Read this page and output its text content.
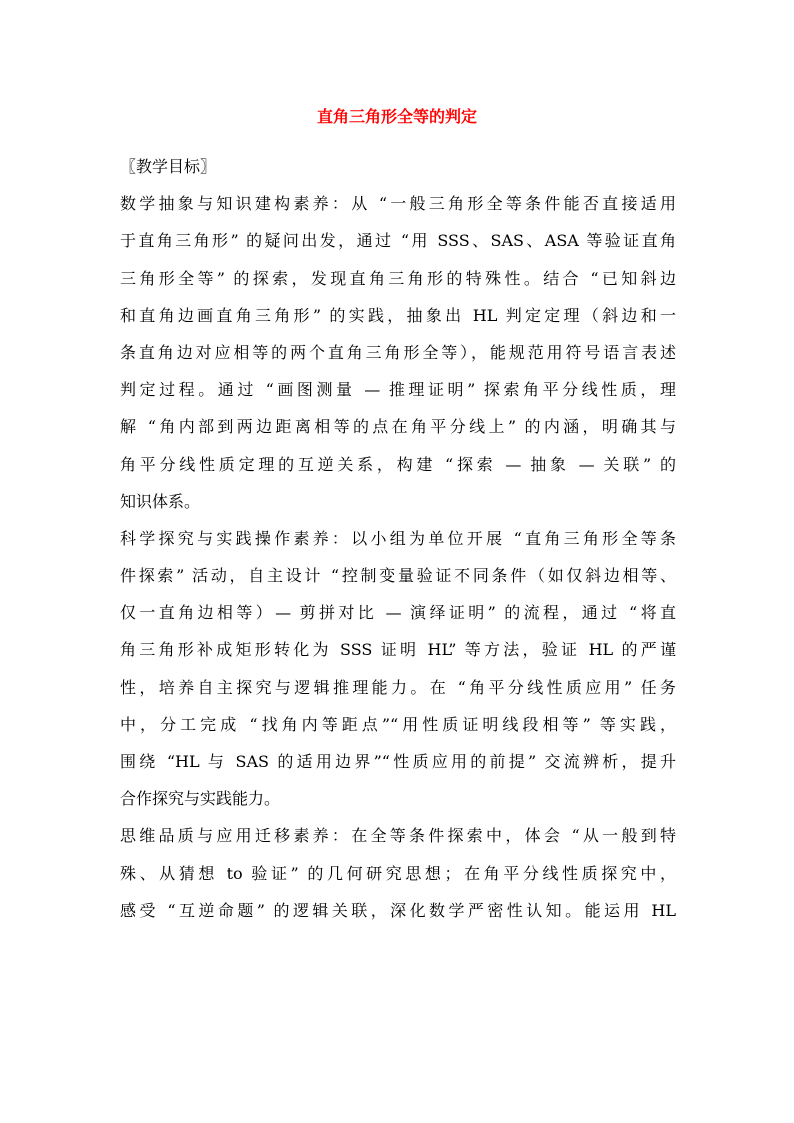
直角三角形全等的判定
〖教学目标〗
数学抽象与知识建构素养：从 “一般三角形全等条件能否直接适用
于直角三角形” 的疑问出发，通过 “用 SSS、SAS、ASA 等验证直角
三角形全等” 的探索，发现直角三角形的特殊性。结合 “已知斜边
和直角边画直角三角形” 的实践，抽象出 HL 判定定理（斜边和一
条直角边对应相等的两个直角三角形全等），能规范用符号语言表述
判定过程。通过 “画图测量 — 推理证明” 探索角平分线性质，理
解 “角内部到两边距离相等的点在角平分线上” 的内涵，明确其与
角平分线性质定理的互逆关系，构建 “探索 — 抽象 — 关联” 的
知识体系。
科学探究与实践操作素养：以小组为单位开展 “直角三角形全等条
件探索” 活动，自主设计 “控制变量验证不同条件（如仅斜边相等、
仅一直角边相等）— 剪拼对比 — 演绎证明” 的流程，通过 “将直
角三角形补成矩形转化为 SSS 证明 HL” 等方法，验证 HL 的严谨
性，培养自主探究与逻辑推理能力。在 “角平分线性质应用” 任务
中，分工完成 “找角内等距点”“用性质证明线段相等” 等实践，
围绕 “HL 与 SAS 的适用边界”“性质应用的前提” 交流辨析，提升
合作探究与实践能力。
思维品质与应用迁移素养：在全等条件探索中，体会 “从一般到特
殊、从猜想 to 验证” 的几何研究思想；在角平分线性质探究中，
感受 “互逆命题” 的逻辑关联，深化数学严密性认知。能运用 HL
